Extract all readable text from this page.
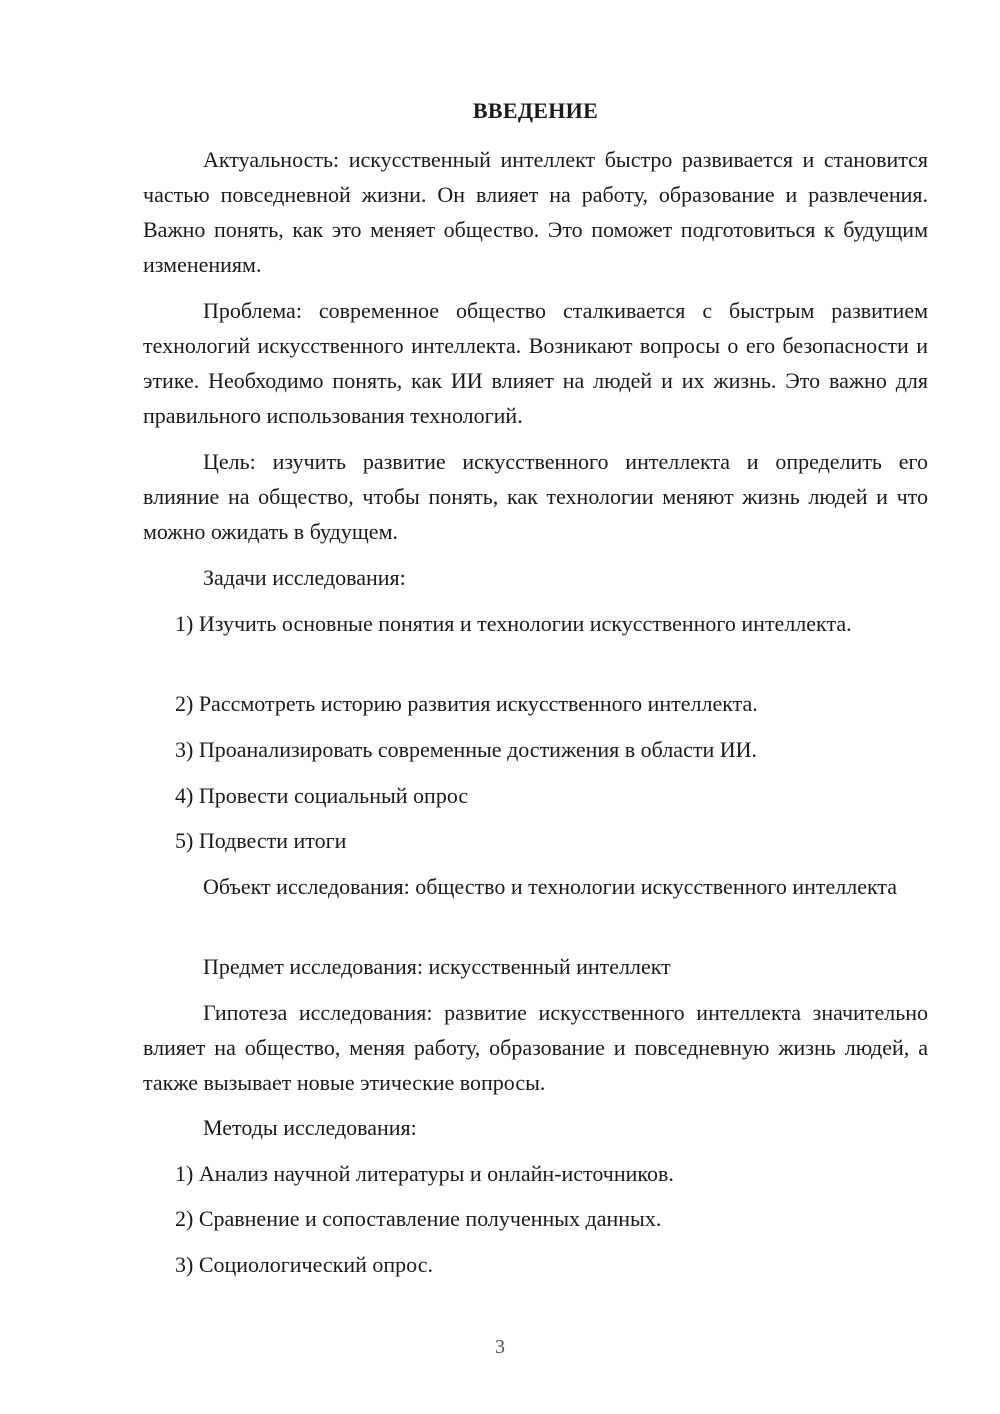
ВВЕДЕНИЕ

Актуальность: искусственный интеллект быстро развивается и становится частью повседневной жизни. Он влияет на работу, образование и развлечения. Важно понять, как это меняет общество. Это поможет подготовиться к будущим изменениям.

Проблема: современное общество сталкивается с быстрым развитием технологий искусственного интеллекта. Возникают вопросы о его безопасности и этике. Необходимо понять, как ИИ влияет на людей и их жизнь. Это важно для правильного использования технологий.

Цель: изучить развитие искусственного интеллекта и определить его влияние на общество, чтобы понять, как технологии меняют жизнь людей и что можно ожидать в будущем.

Задачи исследования:

1) Изучить основные понятия и технологии искусственного интеллекта.

2) Рассмотреть историю развития искусственного интеллекта.

3) Проанализировать современные достижения в области ИИ.

4) Провести социальный опрос

5) Подвести итоги

Объект исследования: общество и технологии искусственного интеллекта

Предмет исследования: искусственный интеллект

Гипотеза исследования: развитие искусственного интеллекта значительно влияет на общество, меняя работу, образование и повседневную жизнь людей, а также вызывает новые этические вопросы.

Методы исследования:

1) Анализ научной литературы и онлайн-источников.

2) Сравнение и сопоставление полученных данных.

3) Социологический опрос.

3
